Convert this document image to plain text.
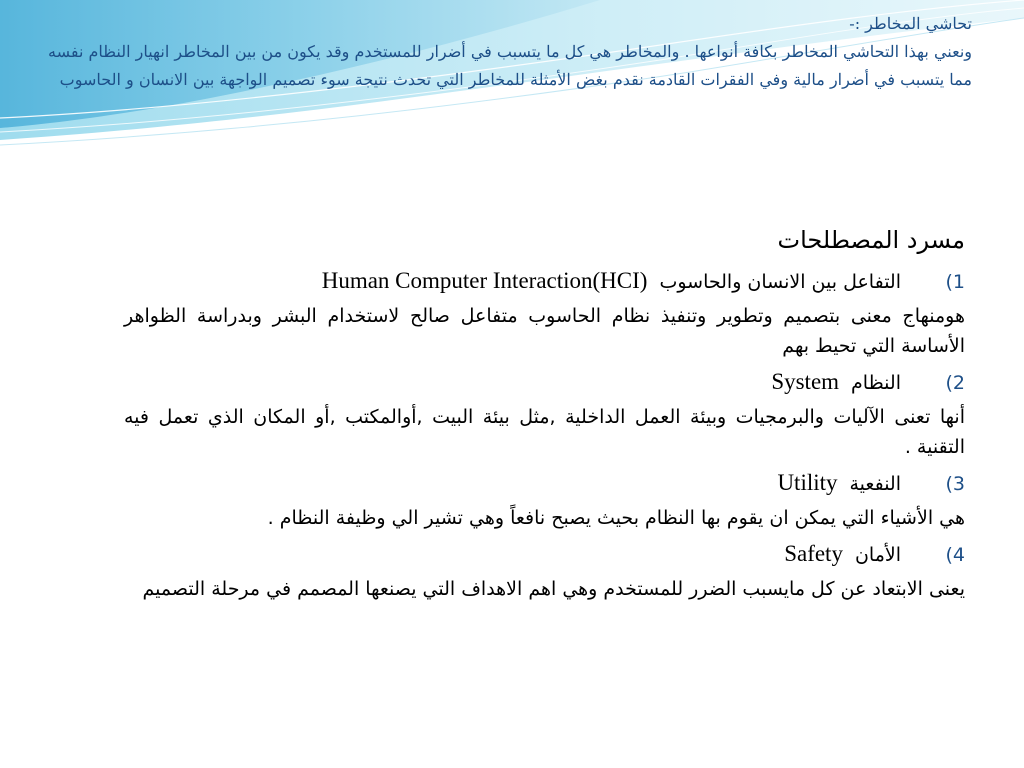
تحاشي المخاطر :-
ونعني بهذا التحاشي المخاطر بكافة أنواعها . والمخاطر هي كل ما يتسبب في أضرار للمستخدم وقد يكون من بين المخاطر انهيار النظام نفسه مما يتسبب في أضرار مالية وفي الفقرات القادمة نقدم بغض الأمثلة للمخاطر التي تحدث نتيجة سوء تصميم الواجهة بين الانسان و الحاسوب
مسرد المصطلحات
1)
التفاعل بين الانسان والحاسوب
Human Computer Interaction(HCI)
هومنهاج معنى بتصميم وتطوير وتنفيذ نظام الحاسوب متفاعل صالح لاستخدام البشر وبدراسة الظواهر الأساسة التي تحيط بهم
2)
النظام
System
أنها تعنى الآليات والبرمجيات وبيئة العمل الداخلية ,مثل بيئة البيت ,أوالمكتب ,أو المكان الذي تعمل فيه التقنية .
3)
النفعية
Utility
هي الأشياء التي يمكن ان يقوم بها النظام بحيث يصبح نافعاً وهي تشير الي وظيفة النظام .
4)
الأمان
Safety
يعنى الابتعاد عن كل مايسبب الضرر للمستخدم وهي اهم الاهداف التي يصنعها المصمم في مرحلة التصميم
